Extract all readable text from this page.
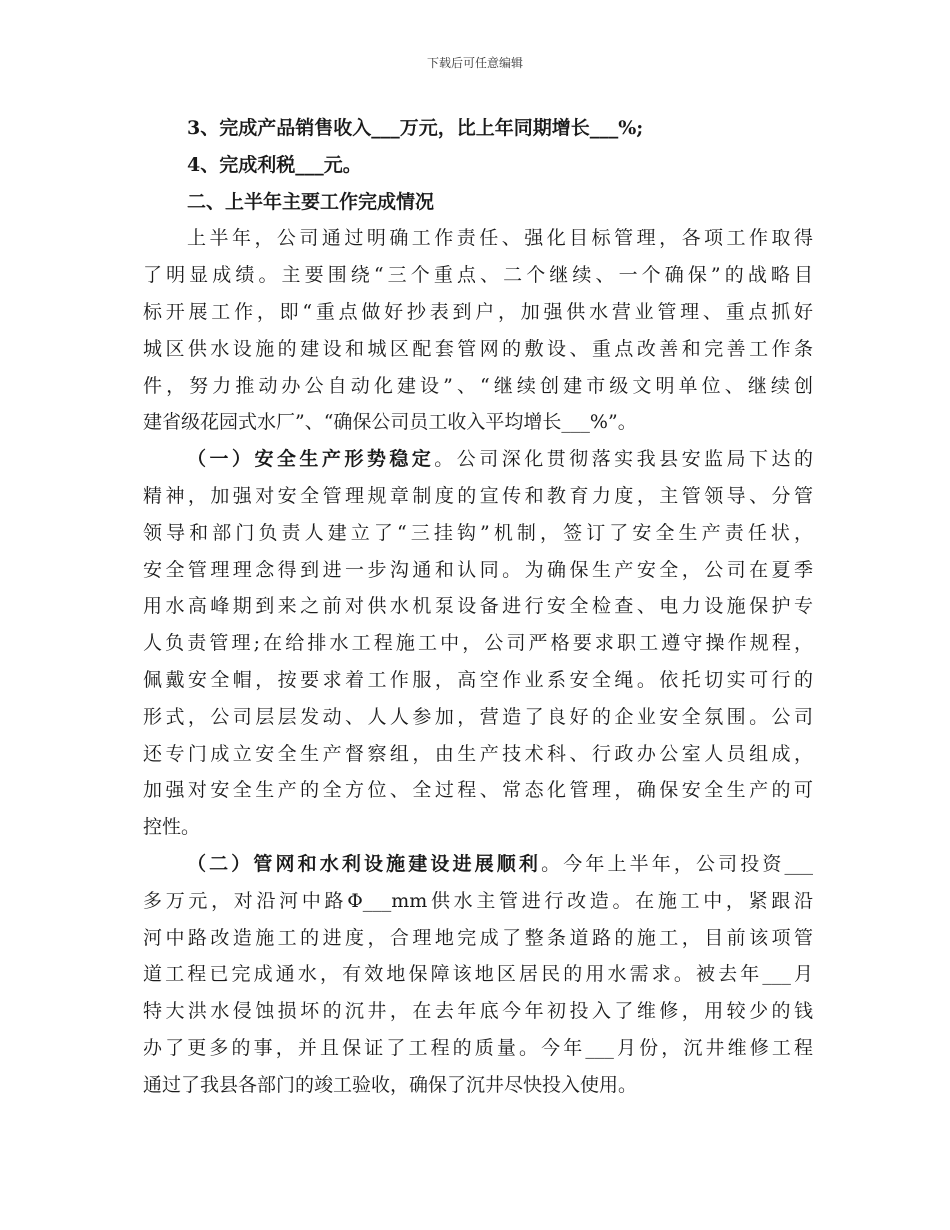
下载后可任意编辑
3、完成产品销售收入___万元，比上年同期增长___%;
4、完成利税___元。
二、上半年主要工作完成情况
上半年，公司通过明确工作责任、强化目标管理，各项工作取得
了明显成绩。主要围绕“三个重点、二个继续、一个确保”的战略目
标开展工作，即“重点做好抄表到户，加强供水营业管理、重点抓好
城区供水设施的建设和城区配套管网的敷设、重点改善和完善工作条
件，努力推动办公自动化建设”、“继续创建市级文明单位、继续创
建省级花园式水厂”、“确保公司员工收入平均增长___%”。
（一）安全生产形势稳定。公司深化贯彻落实我县安监局下达的
精神，加强对安全管理规章制度的宣传和教育力度，主管领导、分管
领导和部门负责人建立了“三挂钩”机制，签订了安全生产责任状，
安全管理理念得到进一步沟通和认同。为确保生产安全，公司在夏季
用水高峰期到来之前对供水机泵设备进行安全检查、电力设施保护专
人负责管理;在给排水工程施工中，公司严格要求职工遵守操作规程，
佩戴安全帽，按要求着工作服，高空作业系安全绳。依托切实可行的
形式，公司层层发动、人人参加，营造了良好的企业安全氛围。公司
还专门成立安全生产督察组，由生产技术科、行政办公室人员组成，
加强对安全生产的全方位、全过程、常态化管理，确保安全生产的可
控性。
（二）管网和水利设施建设进展顺利。今年上半年，公司投资___
多万元，对沿河中路Φ___mm供水主管进行改造。在施工中，紧跟沿
河中路改造施工的进度，合理地完成了整条道路的施工，目前该项管
道工程已完成通水，有效地保障该地区居民的用水需求。被去年___月
特大洪水侵蚀损坏的沉井，在去年底今年初投入了维修，用较少的钱
办了更多的事，并且保证了工程的质量。今年___月份，沉井维修工程
通过了我县各部门的竣工验收，确保了沉井尽快投入使用。
